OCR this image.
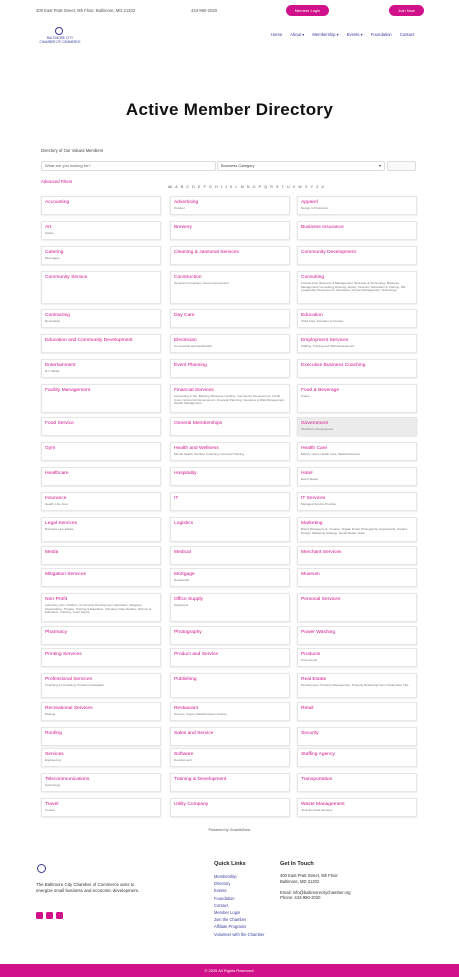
400 East Pratt Street, 8th Floor, Baltimore, MD 21202	443-960-2020	Member Login	Join Now
BALTIMORE CITY
CHAMBER OF COMMERCE
Home About ▾ Membership ▾ Events ▾ Foundation Contact
Active Member Directory
Directory of Our Valued Members
What are you looking for?	Business Category	▾
Advanced Filters
All A B C D E F G H I J K L M N O P Q R S T U V W X Y Z #
Accounting	Advertising
Outdoor
Apparel
Design & Production
Art
Studio
Brewery	Business Insurance
Catering
Beverages
Cleaning & Janitorial Services	Community Development
Community Service	Construction
General Contracting, Home Improvement
Consulting
Architectural, Business & Management, Business & Technology, Business Management Consulting, Diversity, Equity, Inclusion, Education & Training, HR, Leadership Development, Operations, Project Management, Technology
Contracting
Renovation
Day Care	Education
Child Care, Freedom of Literacy
Education and Community Development	Electrician
Commercial and Residential
Employment Services
Staffing, Training and Skill Development
Entertainment
DJ / Media
Event Planning	Executive Business Coaching
Facility Management	Financial Services
Accounting & Tax, Banking, Business Lending, Community Development, Credit Union, Economic Development, Financial Planning, Insurance & Risk Management, Wealth Management
Food & Beverage
Cakes
Food Service	General Memberships	Government
Workforce Development
Gym	Health and Wellness
Mental Health, Nutrition Coaching, Personal Training
Health Care
Elderly, Home Health Care, Medical Devices
Healthcare	Hospitality	Hotel
Event Space
Insurance
Health, Life, Auto
IT	IT Services
Managed Service Provider
Legal Services
Business Law, Estate
Logistics	Marketing
Brand Management, Creative, Digital, Email, Photography, Experiential, Graphic Design, Marketing Strategy, Social Media, Video
Media	Medical	Merchant Services
Mitigation Services	Mortgage
Residential
Museum
Non-Profit
Advocacy, Arts, Children, Community Development, Education, Religious Organization, Theatre, Training & Education, Volunteer Opportunities, Women & Education, Training, Youth Sports
Office Supply
Equipment
Personal Services
Pharmacy	Photography	Power Washing
Printing Services	Product and Service	Products
Promotional
Professional Services
Coaching & Consulting, Private Investigation
Publishing	Real Estate
Development, Property Management, Property Redevelopment, Residential, Title
Recreational Services
Boating
Restaurant
Grocery, Vegan, Mediterranean Cuisine
Retail
Roofing	Sales and Service	Security
Services
Engineering
Software
Development
Staffing Agency
Telecommunications
Technology
Training & Development	Transportation
Travel
Cruises
Utility Company	Waste Management
Junk Removal Services
Powered by GrowthZone
The Baltimore City Chamber of Commerce aims to energize small business and economic development.
Quick Links
Membership
Directory
Events
Foundation
Contact
Member Login
Join the Chamber
Affiliate Programs
Volunteer with the Chamber
Get In Touch
400 East Pratt Street, 8th Floor
Baltimore, MD 21202
Email: info@baltimorecitychamber.org
Phone: 443-960-2020
© 2025 All Rights Reserved.
